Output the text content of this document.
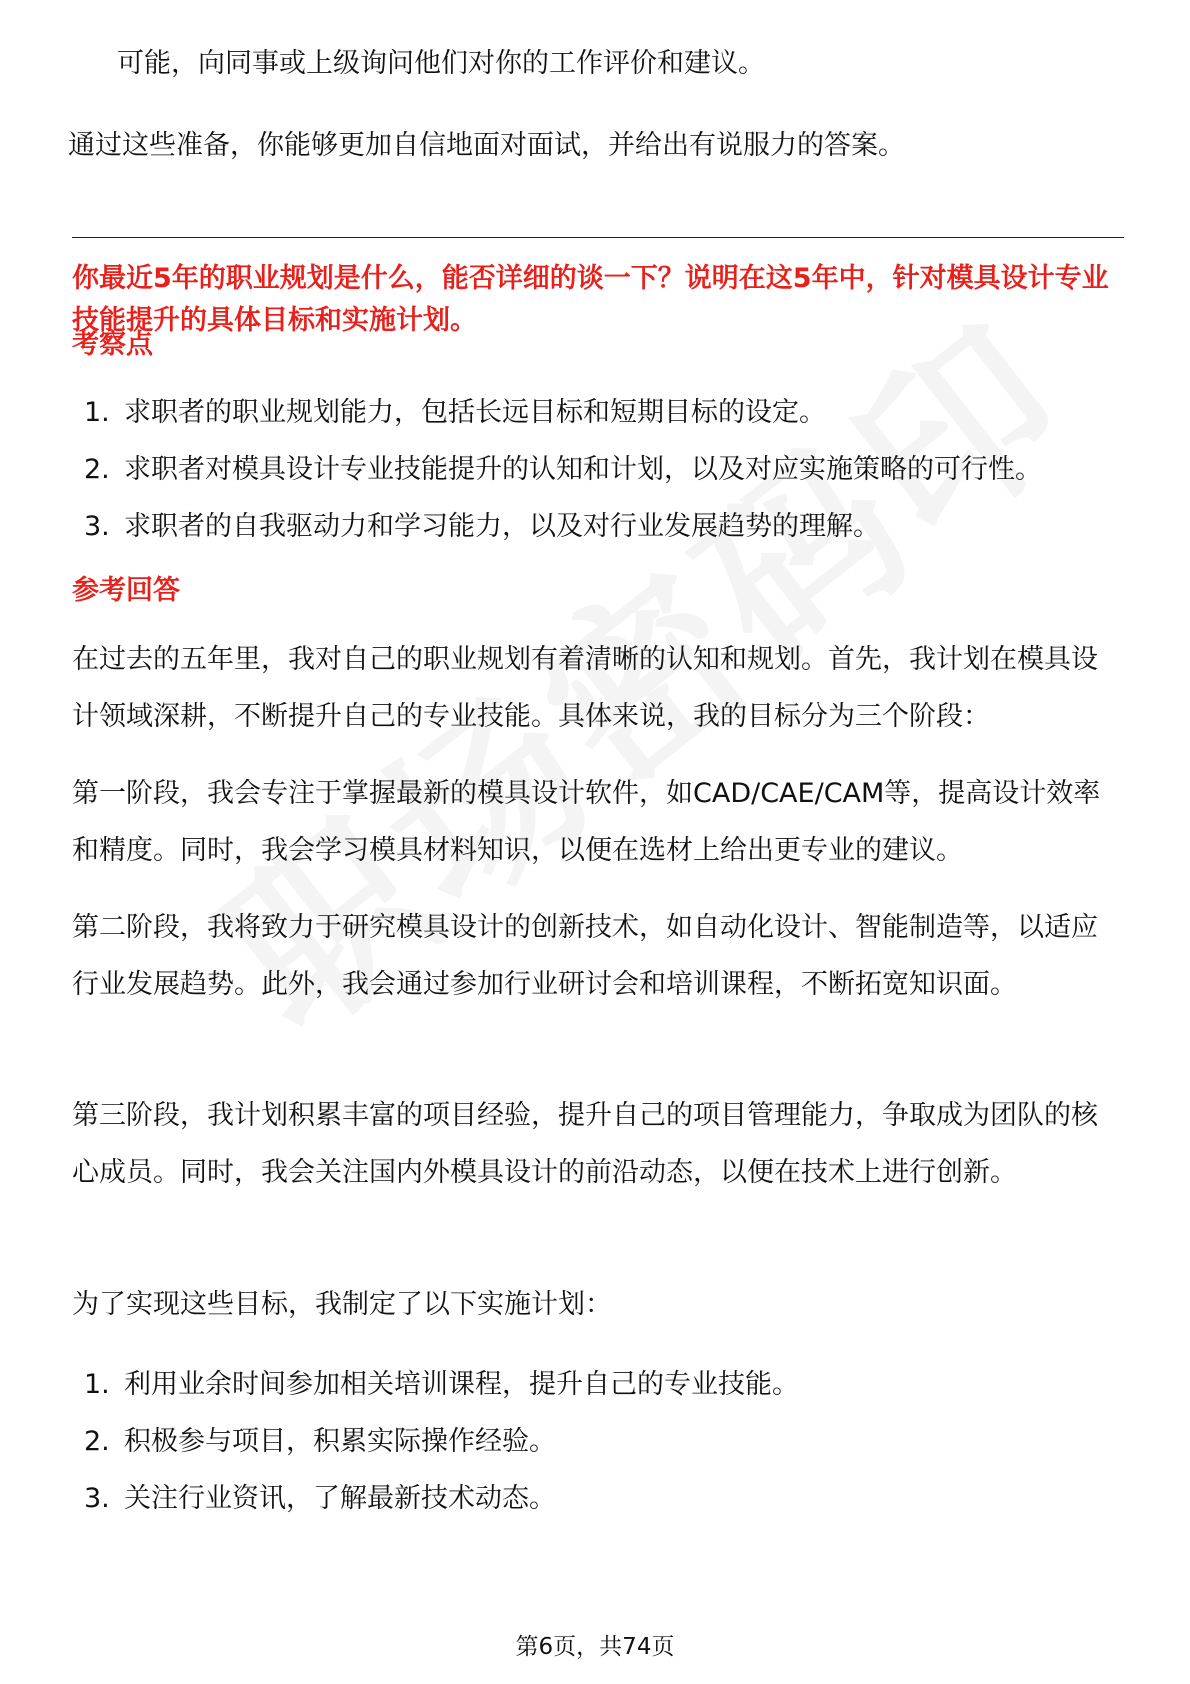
可能，向同事或上级询问他们对你的工作评价和建议。
通过这些准备，你能够更加自信地面对面试，并给出有说服力的答案。
你最近5年的职业规划是什么，能否详细的谈一下？说明在这5年中，针对模具设计专业技能提升的具体目标和实施计划。
考察点
1. 求职者的职业规划能力，包括长远目标和短期目标的设定。
2. 求职者对模具设计专业技能提升的认知和计划，以及对应实施策略的可行性。
3. 求职者的自我驱动力和学习能力，以及对行业发展趋势的理解。
参考回答
在过去的五年里，我对自己的职业规划有着清晰的认知和规划。首先，我计划在模具设计领域深耕，不断提升自己的专业技能。具体来说，我的目标分为三个阶段：
第一阶段，我会专注于掌握最新的模具设计软件，如CAD/CAE/CAM等，提高设计效率和精度。同时，我会学习模具材料知识，以便在选材上给出更专业的建议。
第二阶段，我将致力于研究模具设计的创新技术，如自动化设计、智能制造等，以适应行业发展趋势。此外，我会通过参加行业研讨会和培训课程，不断拓宽知识面。
第三阶段，我计划积累丰富的项目经验，提升自己的项目管理能力，争取成为团队的核心成员。同时，我会关注国内外模具设计的前沿动态，以便在技术上进行创新。
为了实现这些目标，我制定了以下实施计划：
1. 利用业余时间参加相关培训课程，提升自己的专业技能。
2. 积极参与项目，积累实际操作经验。
3. 关注行业资讯，了解最新技术动态。
第6页，共74页
